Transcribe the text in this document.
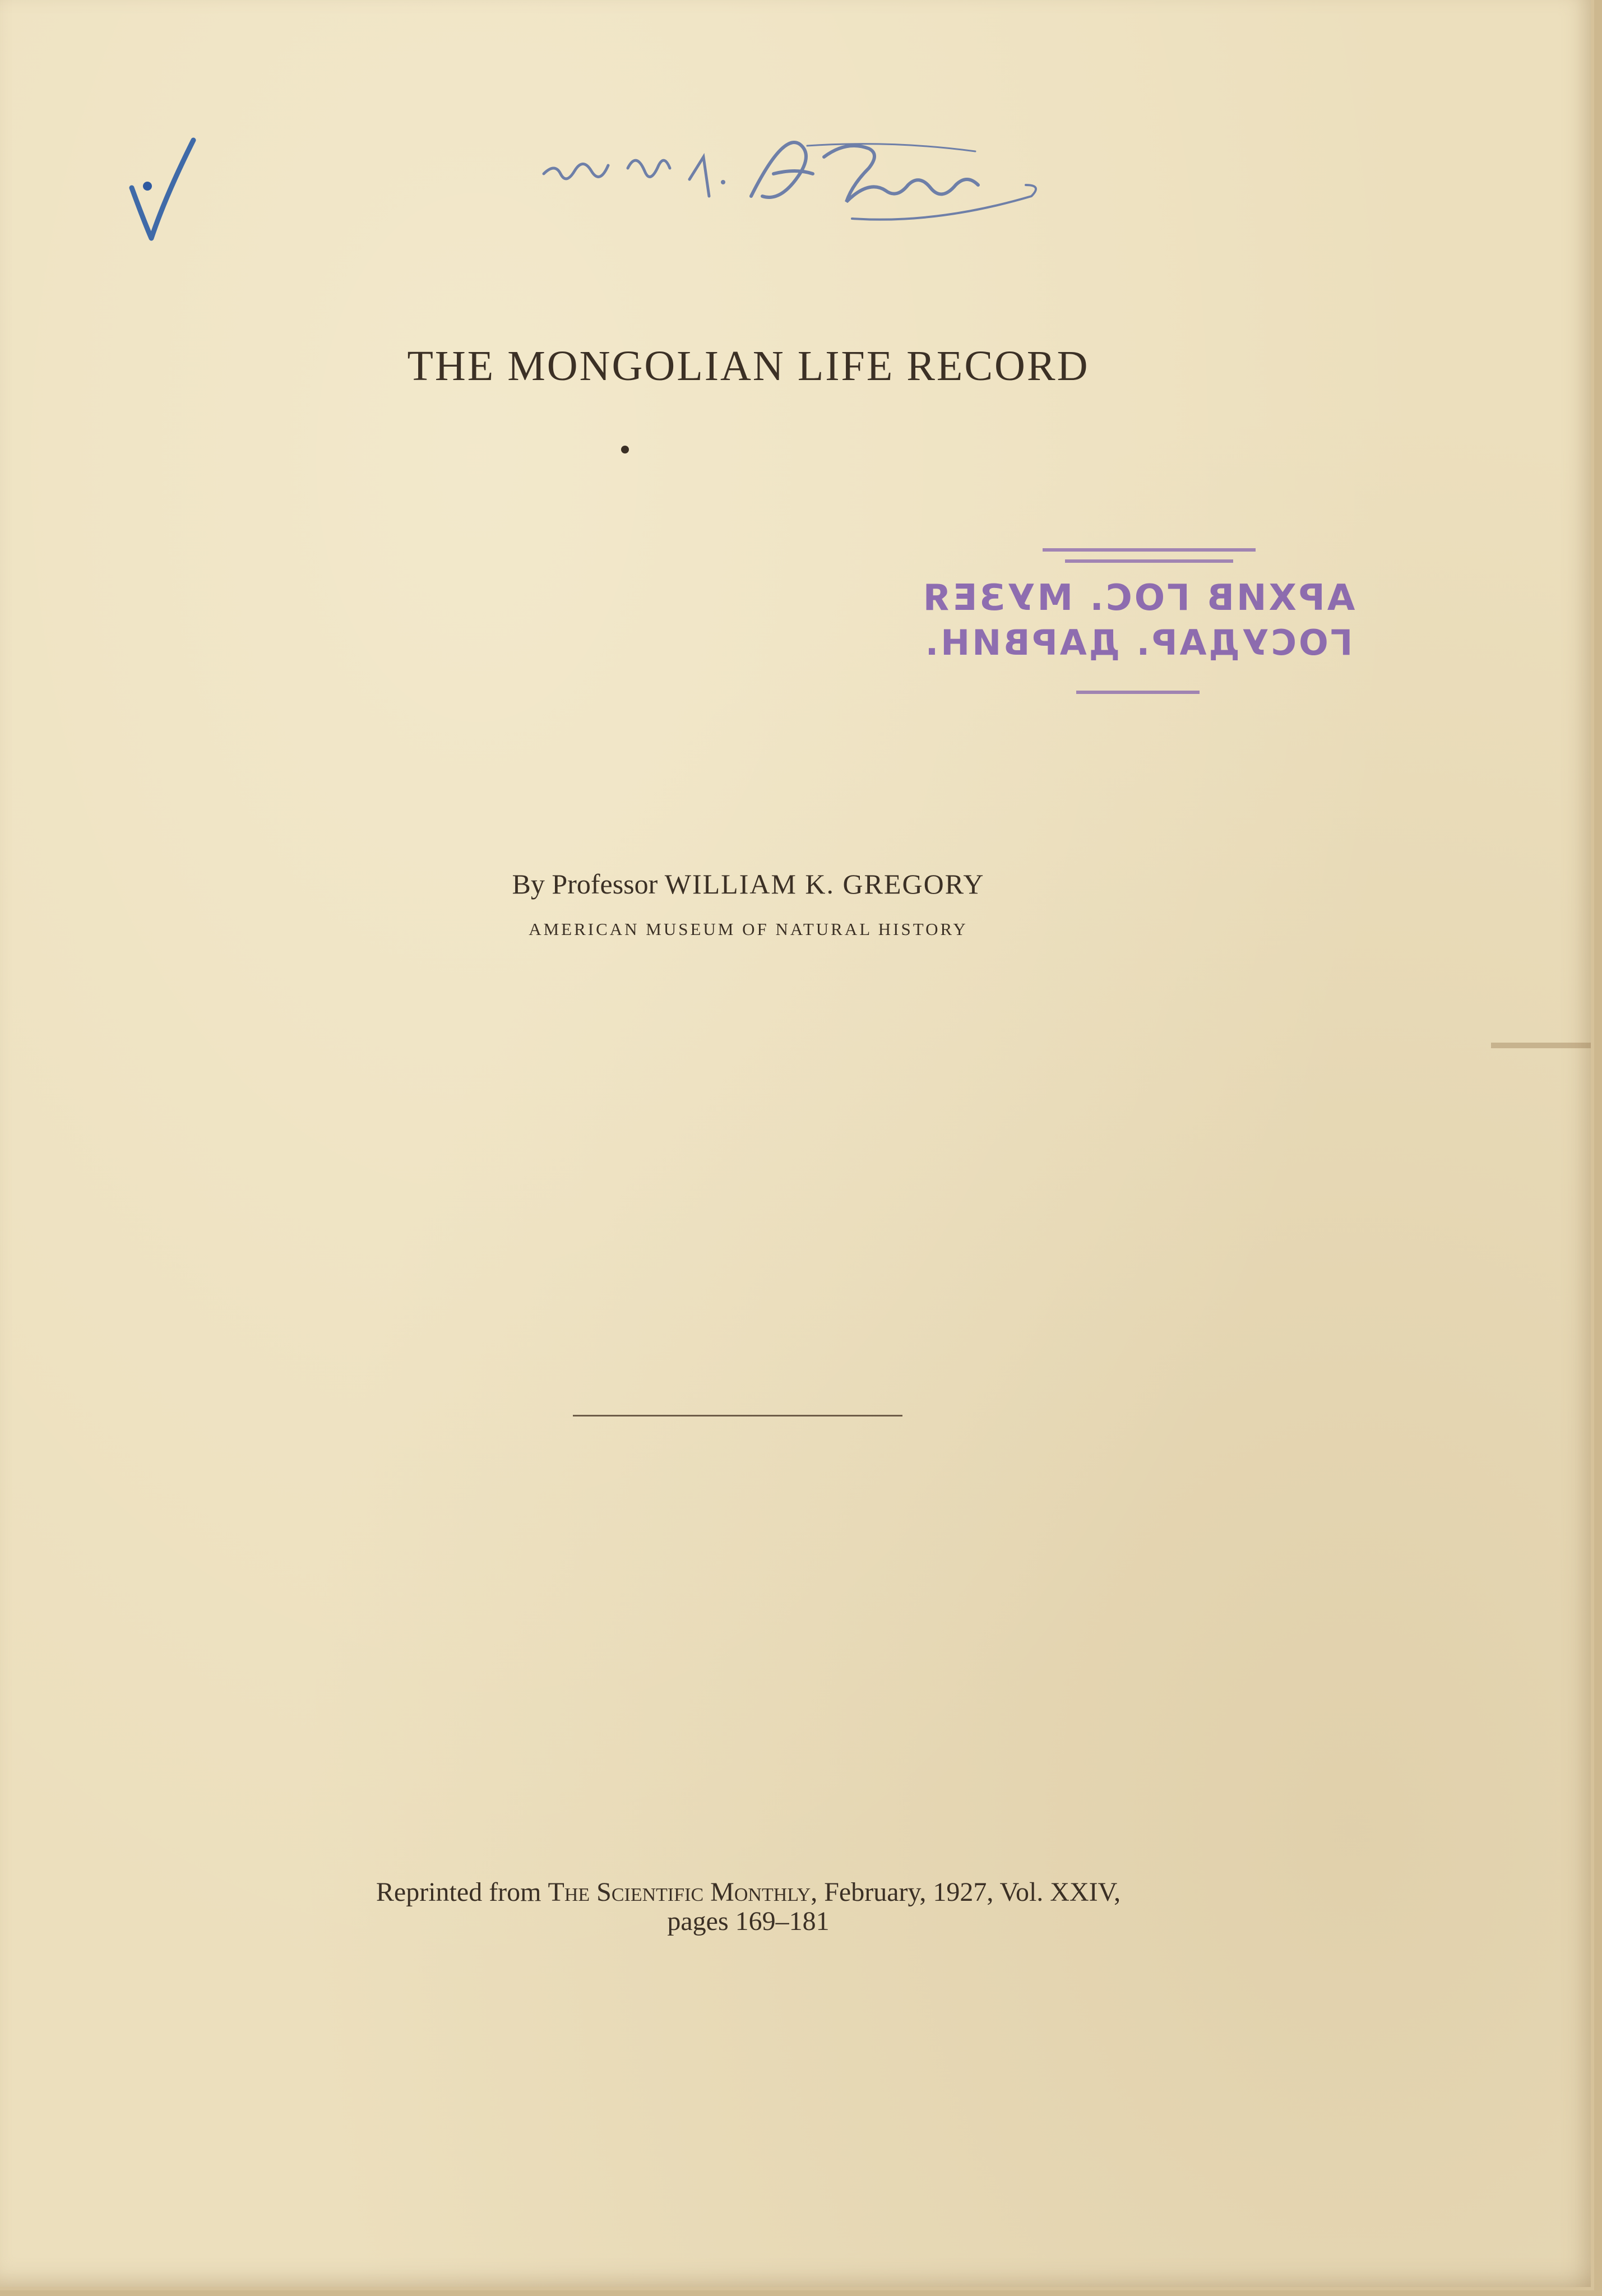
THE MONGOLIAN LIFE RECORD
АРХИВ ГОС. МУЗЕЯ
ГОСУДАР. ДАРВИН.
By Professor WILLIAM K. GREGORY
AMERICAN MUSEUM OF NATURAL HISTORY
Reprinted from The Scientific Monthly, February, 1927, Vol. XXIV,
pages 169–181
